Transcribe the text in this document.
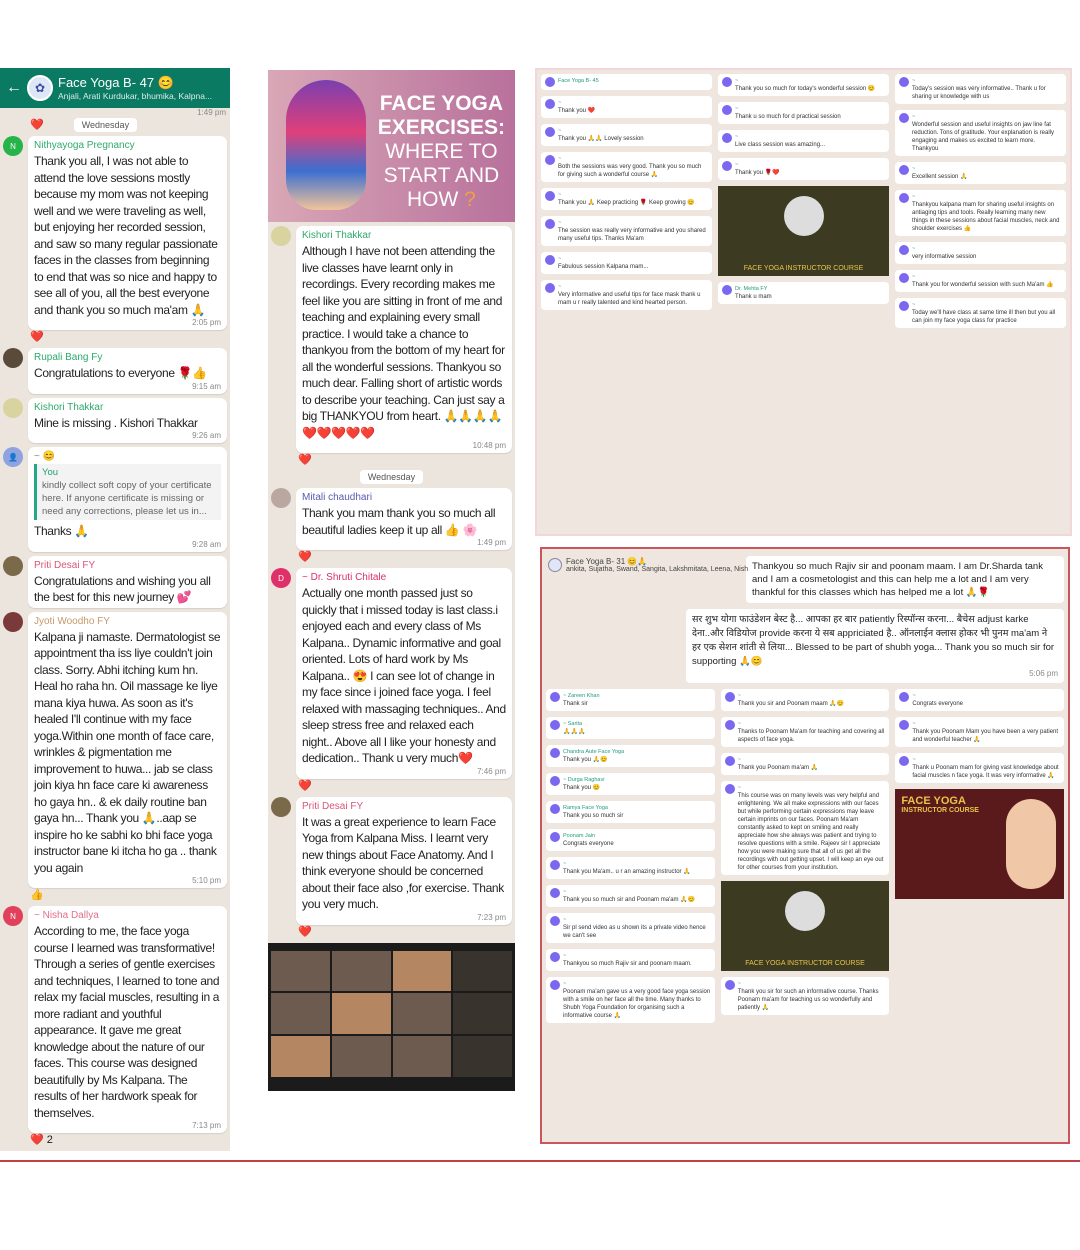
←	✿ Face Yoga B- 47 😊
Anjali, Arati Kurdukar, bhumika, Kalpna...
1:49 pm
❤️	Wednesday
N	Nithyayoga Pregnancy
Thank you all, I was not able to attend the love sessions mostly because my mom was not keeping well and we were traveling as well, but enjoying her recorded session, and saw so many regular passionate faces in the classes from beginning to end that was so nice and happy to see all of you, all the best everyone and thank you so much ma'am 🙏
2:05 pm
❤️
Rupali Bang Fy
Congratulations to everyone 🌹👍
9:15 am
Kishori Thakkar
Mine is missing . Kishori Thakkar
9:26 am
👤	~ 😊
You
kindly collect soft copy of your certificate here. If anyone certificate is missing or need any corrections, please let us in...
Thanks 🙏
9:28 am
Priti Desai FY
Congratulations and wishing you all the best for this new journey 💕
Jyoti Woodho FY
Kalpana ji namaste. Dermatologist se appointment tha iss liye couldn't join class. Sorry. Abhi itching kum hn. Heal ho raha hn. Oil massage ke liye mana kiya huwa. As soon as it's healed I'll continue with my face yoga.Within one month of face care, wrinkles & pigmentation me improvement to huwa... jab se class join kiya hn face care ki awareness ho gaya hn.. & ek daily routine ban gaya hn... Thank you 🙏..aap se inspire ho ke sabhi ko bhi face yoga instructor bane ki itcha ho ga .. thank you again
5:10 pm
👍
N	~ Nisha Dallya
According to me, the face yoga course I learned was transformative! Through a series of gentle exercises and techniques, I learned to tone and relax my facial muscles, resulting in a more radiant and youthful appearance. It gave me great knowledge about the nature of our faces. This course was designed beautifully by Ms Kalpana. The results of her hardwork speak for themselves.
7:13 pm
❤️ 2
FACE YOGA
EXERCISES:
WHERE TO
START AND
HOW ?
Kishori Thakkar
Although I have not been attending the live classes have learnt only in recordings. Every recording makes me feel like you are sitting in front of me and teaching and explaining every small practice. I would take a chance to thankyou from the bottom of my heart for all the wonderful sessions. Thankyou so much dear. Falling short of artistic words to describe your teaching. Can just say a big THANKYOU from heart. 🙏🙏🙏🙏❤️❤️❤️❤️❤️
10:48 pm
❤️
Wednesday
Mitali chaudhari
Thank you mam thank you so much all beautiful ladies keep it up all 👍 🌸
1:49 pm
❤️
D	~ Dr. Shruti Chitale
Actually one month passed just so quickly that i missed today is last class.i enjoyed each and every class of Ms Kalpana.. Dynamic informative and goal oriented. Lots of hard work by Ms Kalpana.. 😍 I can see lot of change in my face since i joined face yoga. I feel relaxed with massaging techniques.. And sleep stress free and relaxed each night.. Above all I like your honesty and dedication.. Thank u very much❤️
7:46 pm
❤️
Priti Desai FY
It was a great experience to learn Face Yoga from Kalpana Miss. I learnt very new things about Face Anatomy. And I think everyone should be concerned about their face also ,for exercise. Thank you very much.
7:23 pm
❤️
Face Yoga B- 45
~
Thank you ❤️
~
Thank you 🙏🙏 Lovely session
~
Both the sessions was very good. Thank you so much for giving such a wonderful course 🙏
~
Thank you 🙏 Keep practicing 🌹 Keep growing 😊
~
The session was really very informative and you shared many useful tips. Thanks Ma'am
~
Fabulous session Kalpana mam...
~
Very informative and useful tips for face mask thank u mam u r really talented and kind hearted person.
~
Thank you so much for today's wonderful session 😊
~
Thank u so much for d practical session
~
Live class session was amazing...
~
Thank you 🌹❤️
FACE YOGA INSTRUCTOR COURSE
Dr. Mehta FY
Thank u mam
~
Today's session was very informative.. Thank u for sharing ur knowledge with us
~
Wonderful session and useful insights on jaw line fat reduction. Tons of gratitude. Your explanation is really engaging and makes us excited to learn more. Thankyou
~
Excellent session 🙏
~
Thankyou kalpana mam for sharing useful insights on antiaging tips and tools. Really learning many new things in these sessions about facial muscles, neck and shoulder exercises 👍
~
very informative session
~
Thank you for wonderful session with such Ma'am 👍
~
Today we'll have class at same time ill then but you all can join my face yoga class for practice
Face Yoga B- 31 😊🙏
ankita, Sujatha, Swand, Sangita, Lakshmitata, Leena, Nish Thankyou so much Rajiv sir and poonam maam. I am Dr.Sharda tank and I am a cosmetologist and this can help me a lot and I am very thankful for this classes which has helped me a lot 🙏🌹
सर शुभ योगा फाउंडेशन बेस्ट है... आपका हर बार patiently रिस्पॉन्स करना... बैचेस adjust karke देना..और विडियोज provide करना ये सब appriciated है.. ऑनलाईन क्लास होकर भी पुनम ma'am ने हर एक सेशन शांती से लिया... Blessed to be part of shubh yoga... Thank you so much sir for supporting 🙏😊
5:06 pm
~ Zareen Khan
Thank sir
~ Sarita
🙏🙏🙏
Chandra Aute Face Yoga
Thank you 🙏😊
~ Durga Raghavi
Thank you 😊
Ramya Face Yoga
Thank you so much sir
Poonam Jain
Congrats everyone
~
Thank you Ma'am.. u r an amazing instructor 🙏
~
Thank you so much sir and Poonam ma'am 🙏😊
~
Sir pl send video as u shown its a private video hence we can't see
~
Thankyou so much Rajiv sir and poonam maam.
~
Poonam ma'am gave us a very good face yoga session with a smile on her face all the time. Many thanks to Shubh Yoga Foundation for organising such a informative course 🙏
~
Thank you sir and Poonam maam 🙏😊
~
Thanks to Poonam Ma'am for teaching and covering all aspects of face yoga.
~
Thank you Poonam ma'am 🙏
~
This course was on many levels was very helpful and enlightening. We all make expressions with our faces but while performing certain expressions may leave certain imprints on our faces. Poonam Ma'am constantly asked to kept on smiling and really appreciate how she always was patient and trying to resolve questions with a smile. Rajeev sir I appreciate how you were making sure that all of us get all the recordings with out getting upset. I will keep an eye out for other courses from your institution.
FACE YOGA INSTRUCTOR COURSE
~
Thank you sir for such an informative course. Thanks Poonam ma'am for teaching us so wonderfully and patiently 🙏
~
Congrats everyone
~
Thank you Poonam Mam you have been a very patient and wonderful teacher 🙏
~
Thank u Poonam mam for giving vast knowledge about facial muscles n face yoga. It was very informative 🙏
FACE YOGA
INSTRUCTOR COURSE
